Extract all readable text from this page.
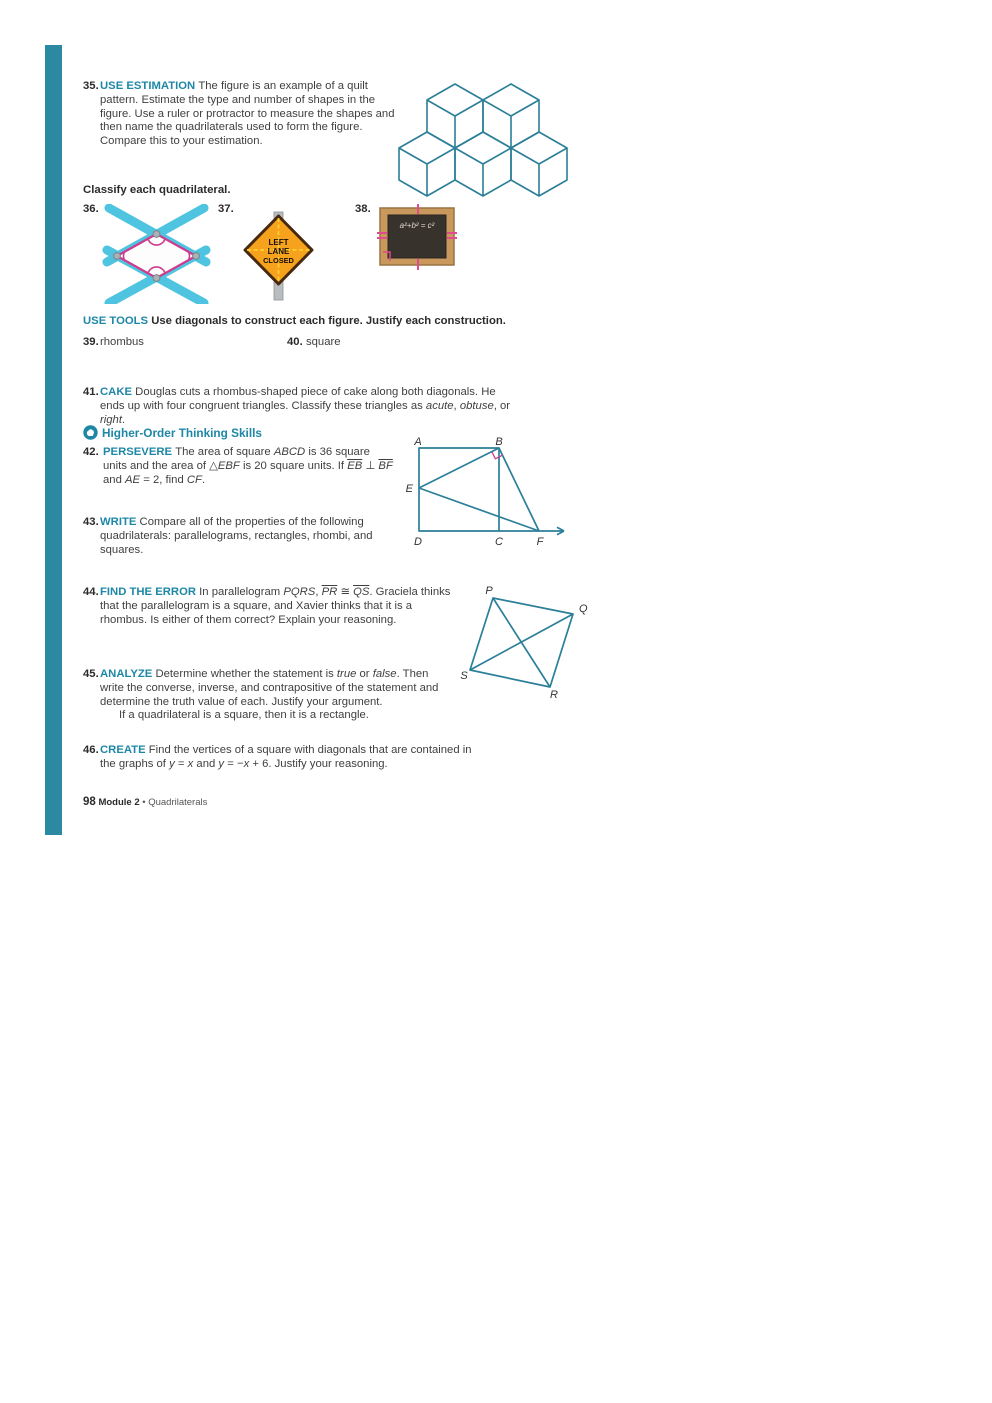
35. USE ESTIMATION The figure is an example of a quilt pattern. Estimate the type and number of shapes in the figure. Use a ruler or protractor to measure the shapes and then name the quadrilaterals used to form the figure. Compare this to your estimation.
Classify each quadrilateral.
36.	37.
LEFT
LANE
CLOSED
38.
a²+b² = c²
USE TOOLS Use diagonals to construct each figure. Justify each construction.
39. rhombus	40. square
41. CAKE Douglas cuts a rhombus-shaped piece of cake along both diagonals. He ends up with four congruent triangles. Classify these triangles as acute, obtuse, or right.
Higher-Order Thinking Skills
42. PERSEVERE The area of square ABCD is 36 square units and the area of △EBF is 20 square units. If $\overline{EB}$ ⊥ $\overline{BF}$ and AE = 2, find CF.
A	B
E
D	C	F
43. WRITE Compare all of the properties of the following quadrilaterals: parallelograms, rectangles, rhombi, and squares.
44. FIND THE ERROR In parallelogram PQRS, $\overline{PR}$ ≅ $\overline{QS}$. Graciela thinks that the parallelogram is a square, and Xavier thinks that it is a rhombus. Is either of them correct? Explain your reasoning.
P
Q
S
R
45. ANALYZE Determine whether the statement is true or false. Then write the converse, inverse, and contrapositive of the statement and determine the truth value of each. Justify your argument.
If a quadrilateral is a square, then it is a rectangle.
46. CREATE Find the vertices of a square with diagonals that are contained in the graphs of y = x and y = −x + 6. Justify your reasoning.
98 Module 2 • Quadrilaterals
